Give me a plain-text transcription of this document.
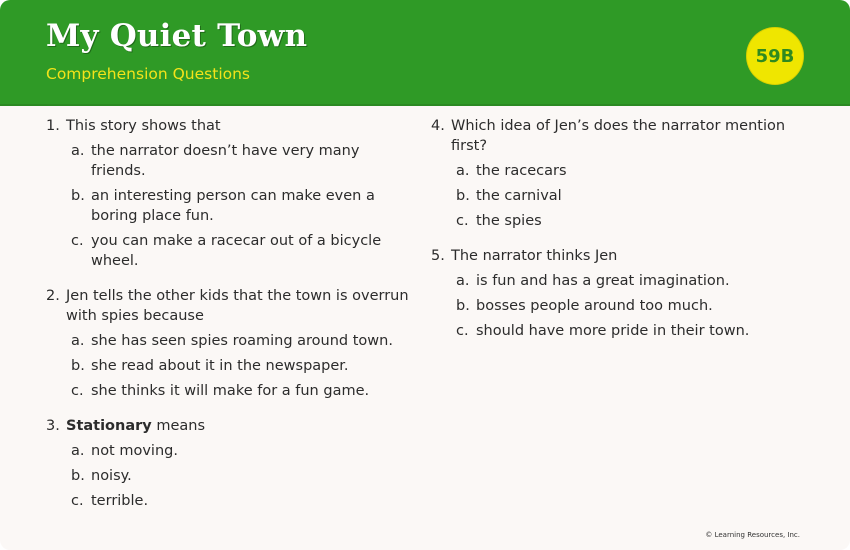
My Quiet Town
Comprehension Questions
59B
1. This story shows that
a. the narrator doesn’t have very many friends.
b. an interesting person can make even a boring place fun.
c. you can make a racecar out of a bicycle wheel.
2. Jen tells the other kids that the town is overrun with spies because
a. she has seen spies roaming around town.
b. she read about it in the newspaper.
c. she thinks it will make for a fun game.
3. Stationary means
a. not moving.
b. noisy.
c. terrible.
4. Which idea of Jen’s does the narrator mention first?
a. the racecars
b. the carnival
c. the spies
5. The narrator thinks Jen
a. is fun and has a great imagination.
b. bosses people around too much.
c. should have more pride in their town.
© Learning Resources, Inc.
